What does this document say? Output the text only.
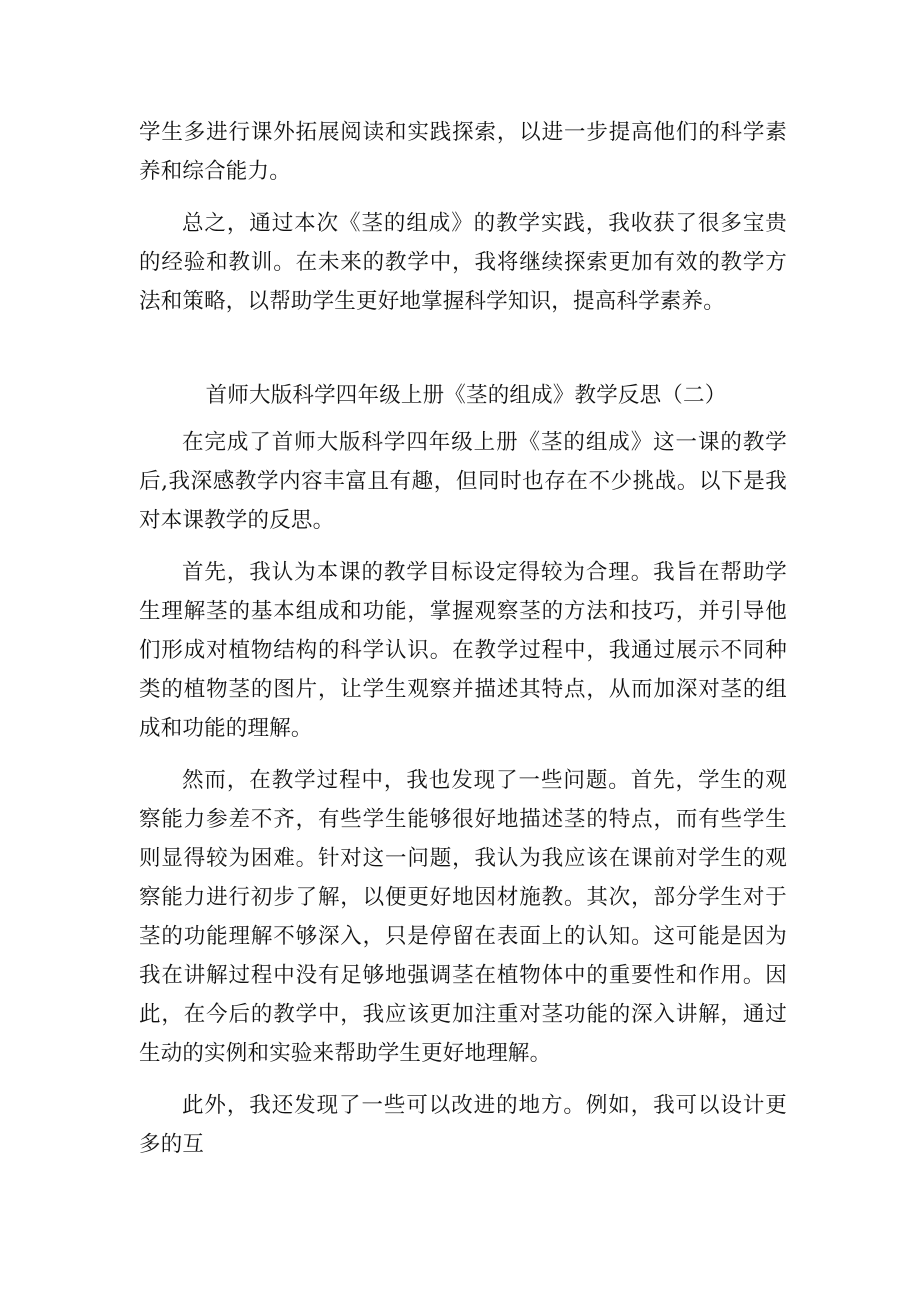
学生多进行课外拓展阅读和实践探索，以进一步提高他们的科学素养和综合能力。

总之，通过本次《茎的组成》的教学实践，我收获了很多宝贵的经验和教训。在未来的教学中，我将继续探索更加有效的教学方法和策略，以帮助学生更好地掌握科学知识，提高科学素养。

首师大版科学四年级上册《茎的组成》教学反思（二）

在完成了首师大版科学四年级上册《茎的组成》这一课的教学后,我深感教学内容丰富且有趣，但同时也存在不少挑战。以下是我对本课教学的反思。

首先，我认为本课的教学目标设定得较为合理。我旨在帮助学生理解茎的基本组成和功能，掌握观察茎的方法和技巧，并引导他们形成对植物结构的科学认识。在教学过程中，我通过展示不同种类的植物茎的图片，让学生观察并描述其特点，从而加深对茎的组成和功能的理解。

然而，在教学过程中，我也发现了一些问题。首先，学生的观察能力参差不齐，有些学生能够很好地描述茎的特点，而有些学生则显得较为困难。针对这一问题，我认为我应该在课前对学生的观察能力进行初步了解，以便更好地因材施教。其次，部分学生对于茎的功能理解不够深入，只是停留在表面上的认知。这可能是因为我在讲解过程中没有足够地强调茎在植物体中的重要性和作用。因此，在今后的教学中，我应该更加注重对茎功能的深入讲解，通过生动的实例和实验来帮助学生更好地理解。

此外，我还发现了一些可以改进的地方。例如，我可以设计更多的互
